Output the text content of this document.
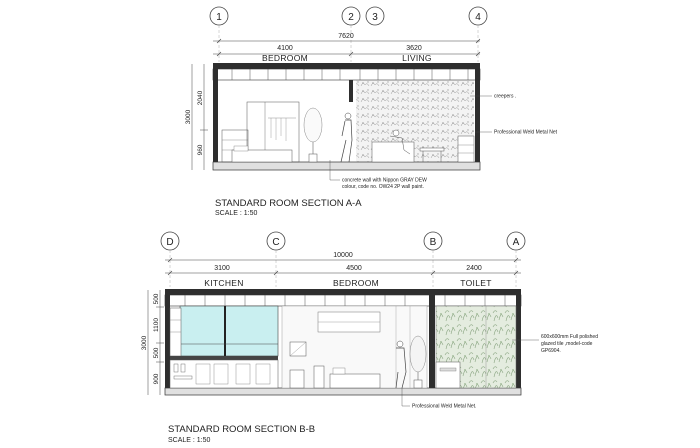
1	2 3	4
7620
4100	3620
BEDROOM	LIVING
3000
2040
960
creepers .
Professional Weld Metal Net
concrete wall with Nippon GRAY DEW
colour, code no. OW24 2P wall paint.
STANDARD ROOM SECTION A-A
SCALE : 1:50
D	C	B	A
10000
3100	4500	2400
KITCHEN	BEDROOM	TOILET
3000
500
1100
500
900
600x600mm Full polished
glazed tile ,model-code
GP6904.
Professional Weld Metal Net.
STANDARD ROOM SECTION B-B
SCALE : 1:50
